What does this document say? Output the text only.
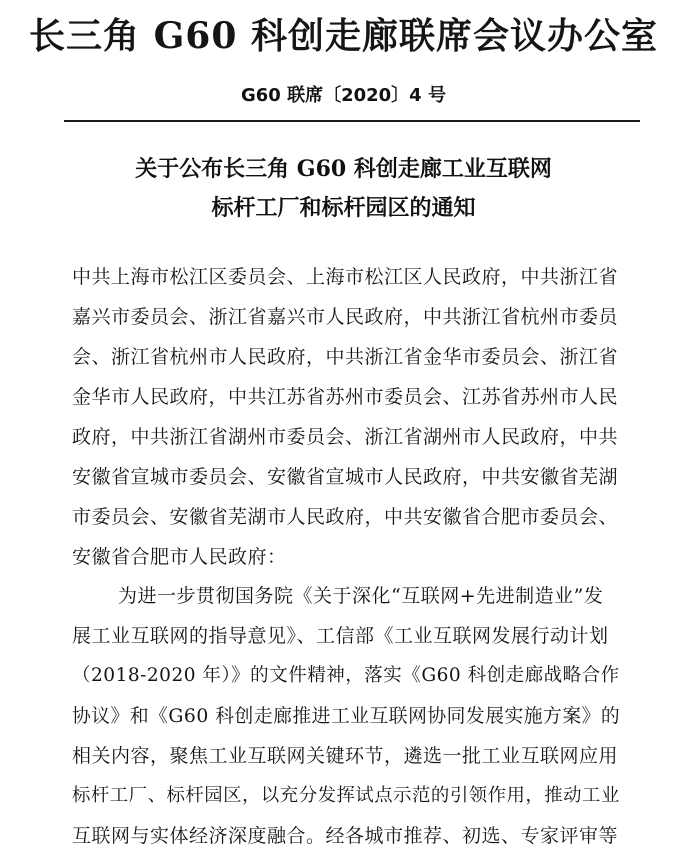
长三角 G60 科创走廊联席会议办公室
G60 联席〔2020〕4 号
关于公布长三角 G60 科创走廊工业互联网
标杆工厂和标杆园区的通知
中共上海市松江区委员会、上海市松江区人民政府，中共浙江省
嘉兴市委员会、浙江省嘉兴市人民政府，中共浙江省杭州市委员
会、浙江省杭州市人民政府，中共浙江省金华市委员会、浙江省
金华市人民政府，中共江苏省苏州市委员会、江苏省苏州市人民
政府，中共浙江省湖州市委员会、浙江省湖州市人民政府，中共
安徽省宣城市委员会、安徽省宣城市人民政府，中共安徽省芜湖
市委员会、安徽省芜湖市人民政府，中共安徽省合肥市委员会、
安徽省合肥市人民政府：
为进一步贯彻国务院《关于深化“互联网+先进制造业”发
展工业互联网的指导意见》、工信部《工业互联网发展行动计划
（2018-2020 年）》的文件精神，落实《G60 科创走廊战略合作
协议》和《G60 科创走廊推进工业互联网协同发展实施方案》的
相关内容，聚焦工业互联网关键环节，遴选一批工业互联网应用
标杆工厂、标杆园区，以充分发挥试点示范的引领作用，推动工业
互联网与实体经济深度融合。经各城市推荐、初选、专家评审等
